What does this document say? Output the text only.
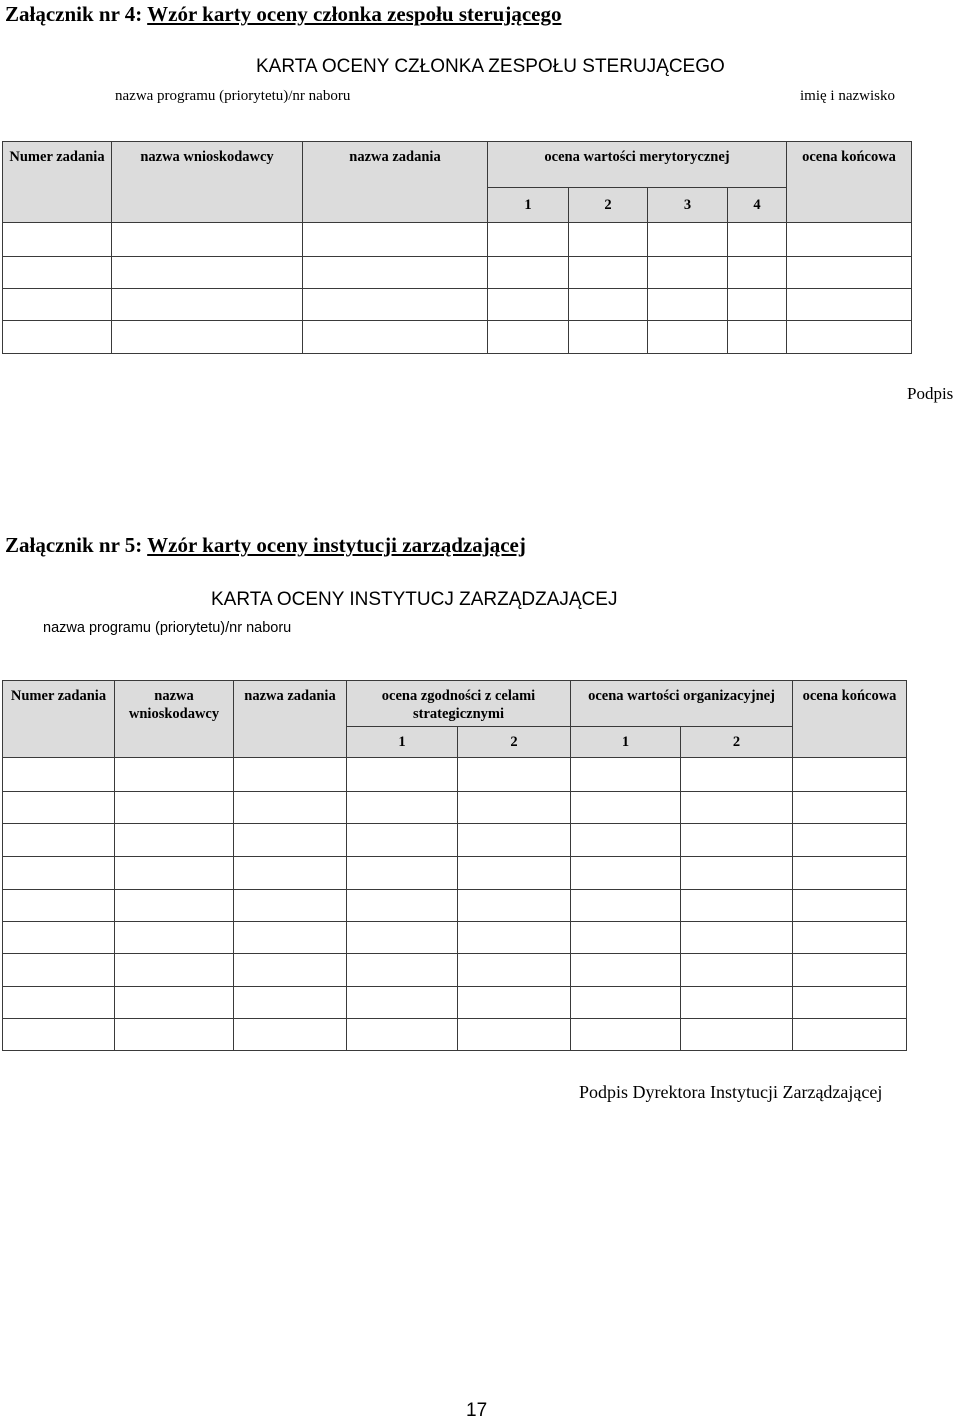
Załącznik nr 4: Wzór karty oceny członka zespołu sterującego
KARTA OCENY CZŁONKA ZESPOŁU STERUJĄCEGO
nazwa programu (priorytetu)/nr naboru	imię i nazwisko
Numer zadania	nazwa wnioskodawcy	nazwa zadania	ocena wartości merytorycznej				ocena końcowa
			1	2	3	4	

Podpis
Załącznik nr 5: Wzór karty oceny instytucji zarządzającej
KARTA OCENY INSTYTUCJ ZARZĄDZAJĄCEJ
nazwa programu (priorytetu)/nr naboru
Numer zadania	nazwa wnioskodawcy	nazwa zadania	ocena zgodności z celami strategicznymi		ocena wartości organizacyjnej		ocena końcowa
			1	2	1	2	

Podpis Dyrektora Instytucji Zarządzającej
17
